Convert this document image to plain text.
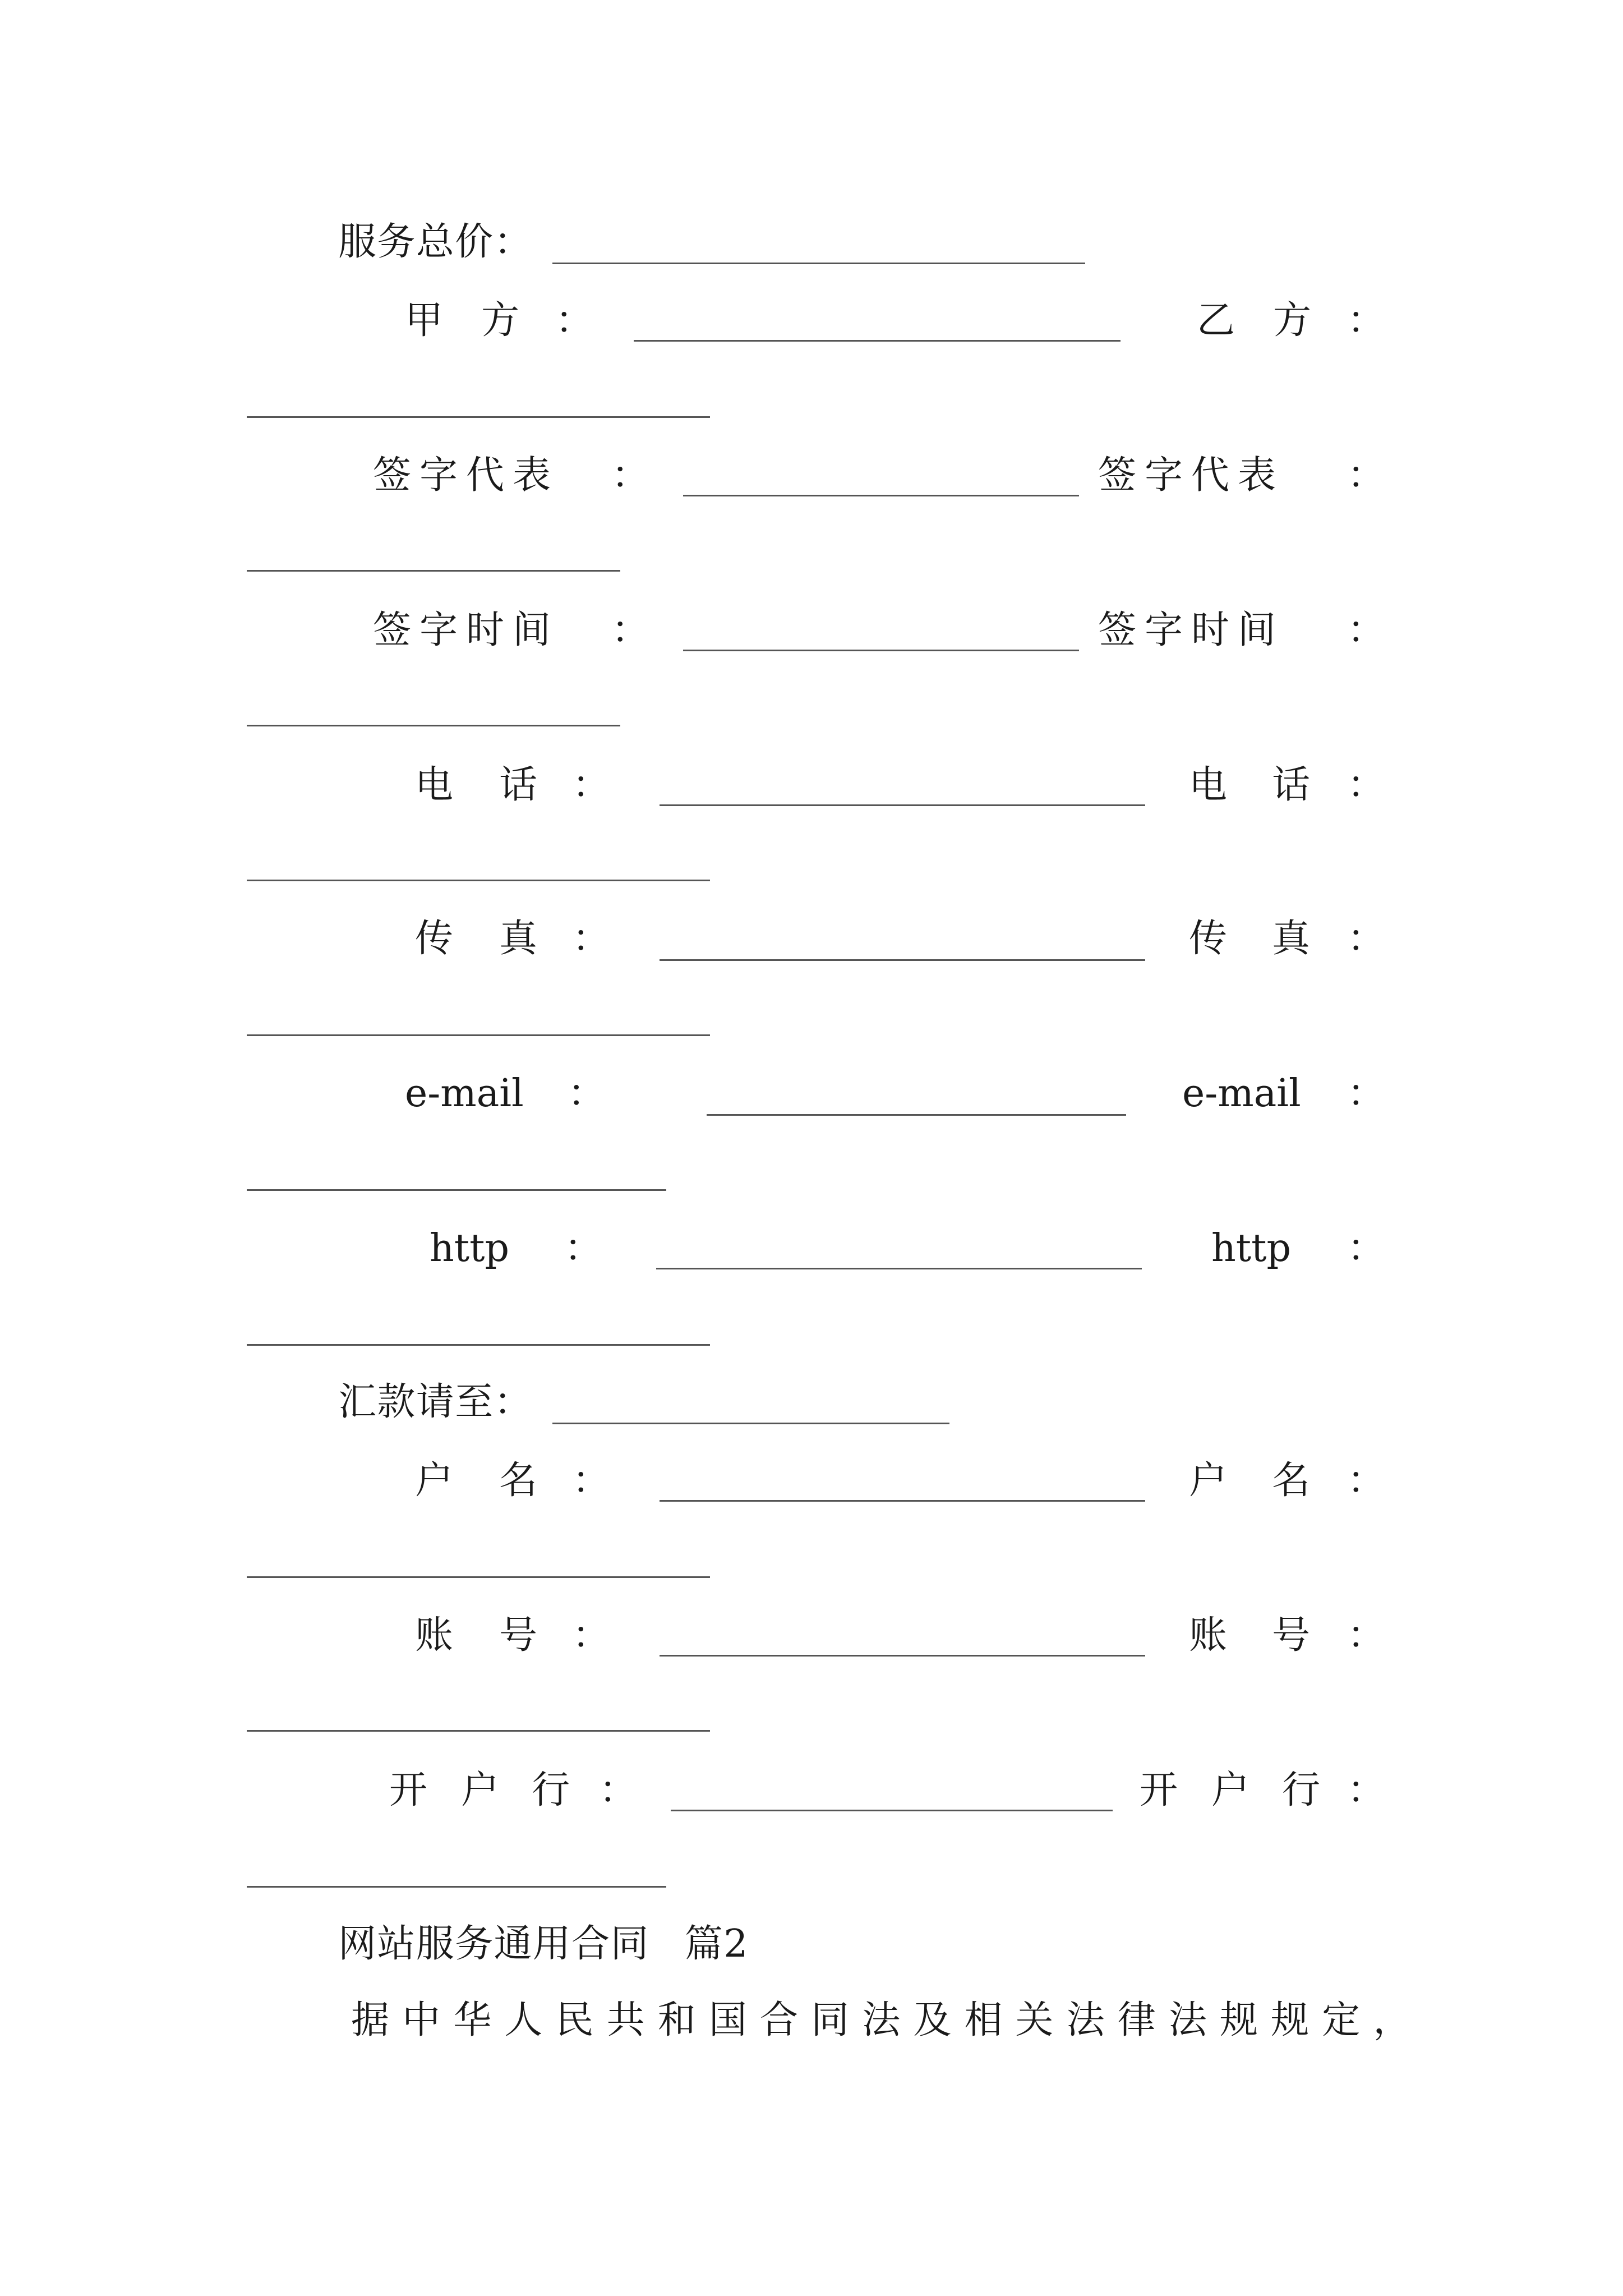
服务总价：
甲 方 ：	乙 方 ：
签 字 代 表 ：	签 字 代 表 ：
签 字 时 间 ：	签 字 时 间 ：
电 话 ：	电 话 ：
传 真 ：	传 真 ：
e-mail ：	e-mail ：
http ：	http ：
汇款请至：
户 名 ：	户 名 ：
账 号 ：	账 号 ：
开 户 行 ：	开 户 行 ：
网站服务通用合同 篇2
据中华人民共和国合同法及相关法律法规规定，
